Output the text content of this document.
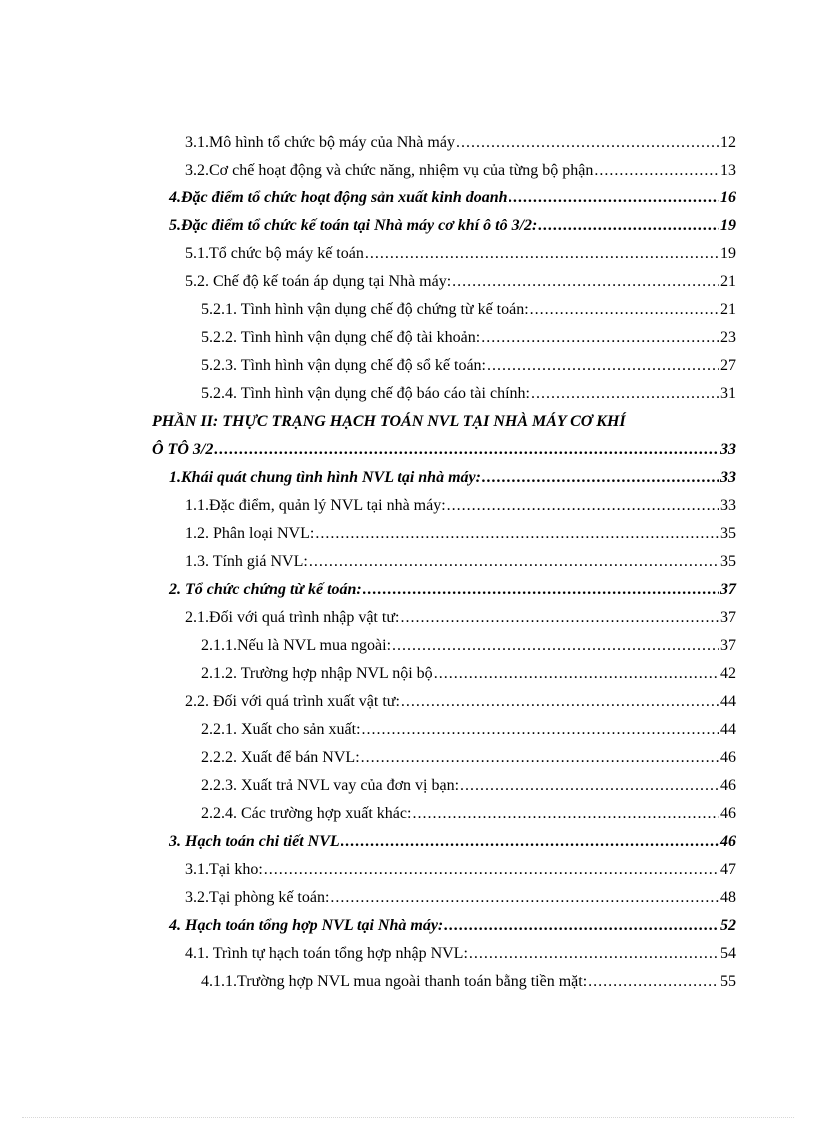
3.1.Mô hình tổ chức bộ máy của Nhà máy .....	12
3.2.Cơ chế hoạt động và chức năng, nhiệm vụ của từng bộ phận .....	13
4.Đặc điểm tổ chức hoạt động sản xuất kinh doanh .....	16
5.Đặc điểm tổ chức kế toán tại Nhà máy cơ khí ô tô 3/2: .....	19
5.1.Tổ chức bộ máy kế toán .....	19
5.2. Chế độ kế toán áp dụng tại Nhà máy: .....	21
5.2.1. Tình hình vận dụng chế độ chứng từ kế toán: .....	21
5.2.2. Tình hình vận dụng chế độ tài khoản: .....	23
5.2.3. Tình hình vận dụng chế độ sổ kế toán: .....	27
5.2.4. Tình hình vận dụng chế độ báo cáo tài chính: .....	31
PHẦN II: THỰC TRẠNG HẠCH TOÁN NVL TẠI NHÀ MÁY CƠ KHÍ
Ô TÔ 3/2 .....	33
1.Khái quát chung tình hình NVL tại nhà máy: .....	33
1.1.Đặc điểm, quản lý NVL tại nhà máy: .....	33
1.2. Phân loại NVL: .....	35
1.3. Tính giá NVL: .....	35
2. Tổ chức chứng từ kế toán: .....	37
2.1.Đối với quá trình nhập vật tư: .....	37
2.1.1.Nếu là NVL mua ngoài: .....	37
2.1.2. Trường hợp nhập NVL nội bộ .....	42
2.2. Đối với quá trình xuất vật tư: .....	44
2.2.1. Xuất cho sản xuất: .....	44
2.2.2. Xuất để bán NVL: .....	46
2.2.3. Xuất trả NVL vay của đơn vị bạn: .....	46
2.2.4. Các trường hợp xuất khác: .....	46
3. Hạch toán chi tiết NVL .....	46
3.1.Tại kho: .....	47
3.2.Tại phòng kế toán: .....	48
4. Hạch toán tổng hợp NVL tại Nhà máy: .....	52
4.1. Trình tự hạch toán tổng hợp nhập NVL: .....	54
4.1.1.Trường hợp NVL mua ngoài thanh toán bằng tiền mặt: .....	55
